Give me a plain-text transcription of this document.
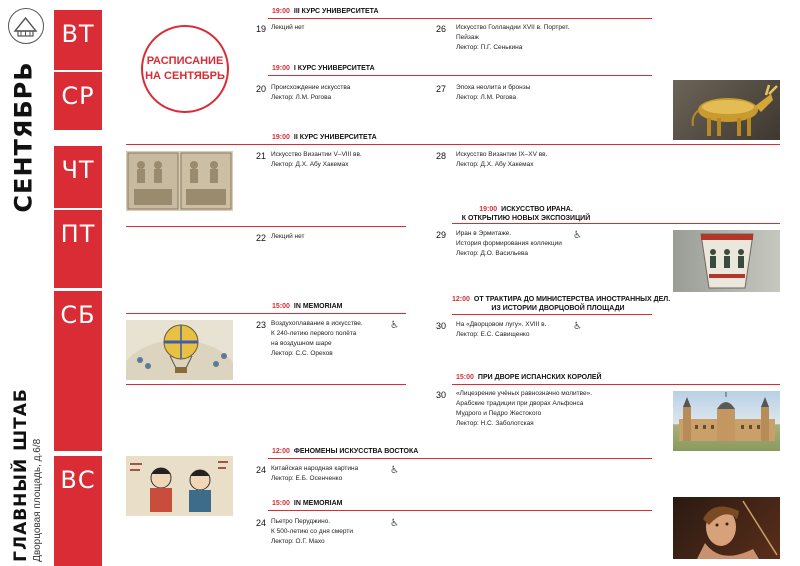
СЕНТЯБРЬ
ГЛАВНЫЙ ШТАБ Дворцовая площадь, д.6/8
ВТ
СР
ЧТ
ПТ
СБ
ВС
РАСПИСАНИЕ
НА СЕНТЯБРЬ
19:00 III КУРС УНИВЕРСИТЕТА
19:00 I КУРС УНИВЕРСИТЕТА
19:00 II КУРС УНИВЕРСИТЕТА
19:00 ИСКУССТВО ИРАНА.
К ОТКРЫТИЮ НОВЫХ ЭКСПОЗИЦИЙ
15:00 IN MEMORIAM
12:00 ОТ ТРАКТИРА ДО МИНИСТЕРСТВА ИНОСТРАННЫХ ДЕЛ.
ИЗ ИСТОРИИ ДВОРЦОВОЙ ПЛОЩАДИ
15:00 ПРИ ДВОРЕ ИСПАНСКИХ КОРОЛЕЙ
12:00 ФЕНОМЕНЫ ИСКУССТВА ВОСТОКА
15:00 IN MEMORIAM
19 Лекций нет	26 Искусство Голландии XVII в. Портрет.
Пейзаж
Лектор: П.Г. Сенькина
20 Происхождение искусства
Лектор: Л.М. Рогова
27 Эпоха неолита и бронзы
Лектор: Л.М. Рогова
21 Искусство Византии V–VIII вв.
Лектор: Д.Х. Абу Хакемах
28 Искусство Византии IX–XV вв.
Лектор: Д.Х. Абу Хакемах
22 Лекций нет	29 Иран в Эрмитаже.
История формирования коллекции
Лектор: Д.О. Васильева
♿
23 Воздухоплавание в искусстве.
К 240-летию первого полёта
на воздушном шаре
Лектор: С.С. Орехов
♿	30 На «Дворцовом лугу». XVIII в.
Лектор: Е.С. Савищенко
♿
30 «Лицезрение учёных равнозначно молитве».
Арабские традиции при дворах Альфонса
Мудрого и Педро Жестокого
Лектор: Н.С. Заболотская
24 Китайская народная картина
Лектор: Е.Б. Осенченко
♿
24 Пьетро Перуджино.
К 500-летию со дня смерти
Лектор: О.Г. Махо
♿
